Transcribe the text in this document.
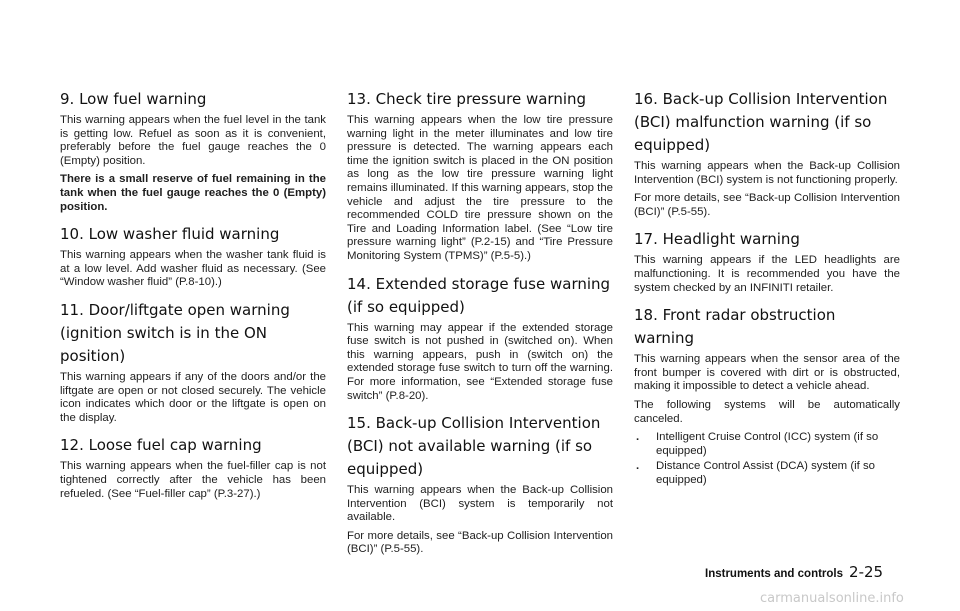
9. Low fuel warning

This warning appears when the fuel level in the tank is getting low. Refuel as soon as it is convenient, preferably before the fuel gauge reaches the 0 (Empty) position.

There is a small reserve of fuel remaining in the tank when the fuel gauge reaches the 0 (Empty) position.

10. Low washer fluid warning

This warning appears when the washer tank fluid is at a low level. Add washer fluid as necessary. (See “Window washer fluid” (P.8-10).)

11. Door/liftgate open warning (ignition switch is in the ON position)

This warning appears if any of the doors and/or the liftgate are open or not closed securely. The vehicle icon indicates which door or the liftgate is open on the display.

12. Loose fuel cap warning

This warning appears when the fuel-filler cap is not tightened correctly after the vehicle has been refueled. (See “Fuel-filler cap” (P.3-27).)

13. Check tire pressure warning

This warning appears when the low tire pressure warning light in the meter illuminates and low tire pressure is detected. The warning appears each time the ignition switch is placed in the ON position as long as the low tire pressure warning light remains illuminated. If this warning appears, stop the vehicle and adjust the tire pressure to the recommended COLD tire pressure shown on the Tire and Loading Information label. (See “Low tire pressure warning light” (P.2-15) and “Tire Pressure Monitoring System (TPMS)” (P.5-5).)

14. Extended storage fuse warning (if so equipped)

This warning may appear if the extended storage fuse switch is not pushed in (switched on). When this warning appears, push in (switch on) the extended storage fuse switch to turn off the warning. For more information, see “Extended storage fuse switch” (P.8-20).

15. Back-up Collision Intervention (BCI) not available warning (if so equipped)

This warning appears when the Back-up Collision Intervention (BCI) system is temporarily not available.

For more details, see “Back-up Collision Intervention (BCI)” (P.5-55).

16. Back-up Collision Intervention (BCI) malfunction warning (if so equipped)

This warning appears when the Back-up Collision Intervention (BCI) system is not functioning properly.

For more details, see “Back-up Collision Intervention (BCI)” (P.5-55).

17. Headlight warning

This warning appears if the LED headlights are malfunctioning. It is recommended you have the system checked by an INFINITI retailer.

18. Front radar obstruction warning

This warning appears when the sensor area of the front bumper is covered with dirt or is obstructed, making it impossible to detect a vehicle ahead.

The following systems will be automatically canceled.

. Intelligent Cruise Control (ICC) system (if so equipped)
. Distance Control Assist (DCA) system (if so equipped)
Instruments and controls 2-25
carmanualsonline.info
